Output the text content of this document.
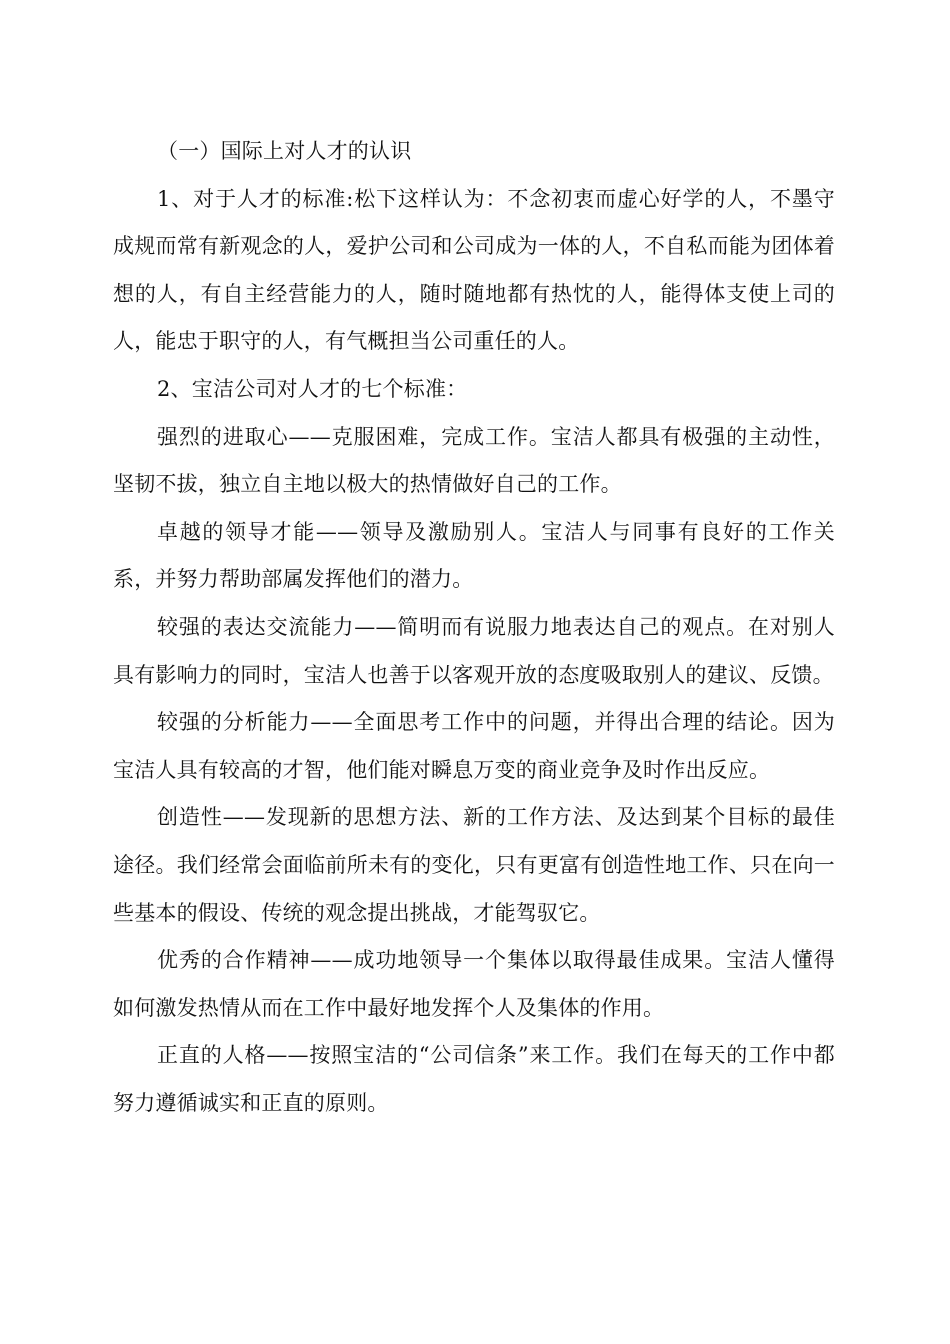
（一）国际上对人才的认识

1、对于人才的标准:松下这样认为：不念初衷而虚心好学的人，不墨守成规而常有新观念的人，爱护公司和公司成为一体的人，不自私而能为团体着想的人，有自主经营能力的人，随时随地都有热忱的人，能得体支使上司的人，能忠于职守的人，有气概担当公司重任的人。

2、宝洁公司对人才的七个标准：

强烈的进取心——克服困难，完成工作。宝洁人都具有极强的主动性，坚韧不拔，独立自主地以极大的热情做好自己的工作。

卓越的领导才能——领导及激励别人。宝洁人与同事有良好的工作关系，并努力帮助部属发挥他们的潜力。

较强的表达交流能力——简明而有说服力地表达自己的观点。在对别人具有影响力的同时，宝洁人也善于以客观开放的态度吸取别人的建议、反馈。

较强的分析能力——全面思考工作中的问题，并得出合理的结论。因为宝洁人具有较高的才智，他们能对瞬息万变的商业竞争及时作出反应。

创造性——发现新的思想方法、新的工作方法、及达到某个目标的最佳途径。我们经常会面临前所未有的变化，只有更富有创造性地工作、只在向一些基本的假设、传统的观念提出挑战，才能驾驭它。

优秀的合作精神——成功地领导一个集体以取得最佳成果。宝洁人懂得如何激发热情从而在工作中最好地发挥个人及集体的作用。

正直的人格——按照宝洁的“公司信条”来工作。我们在每天的工作中都努力遵循诚实和正直的原则。
